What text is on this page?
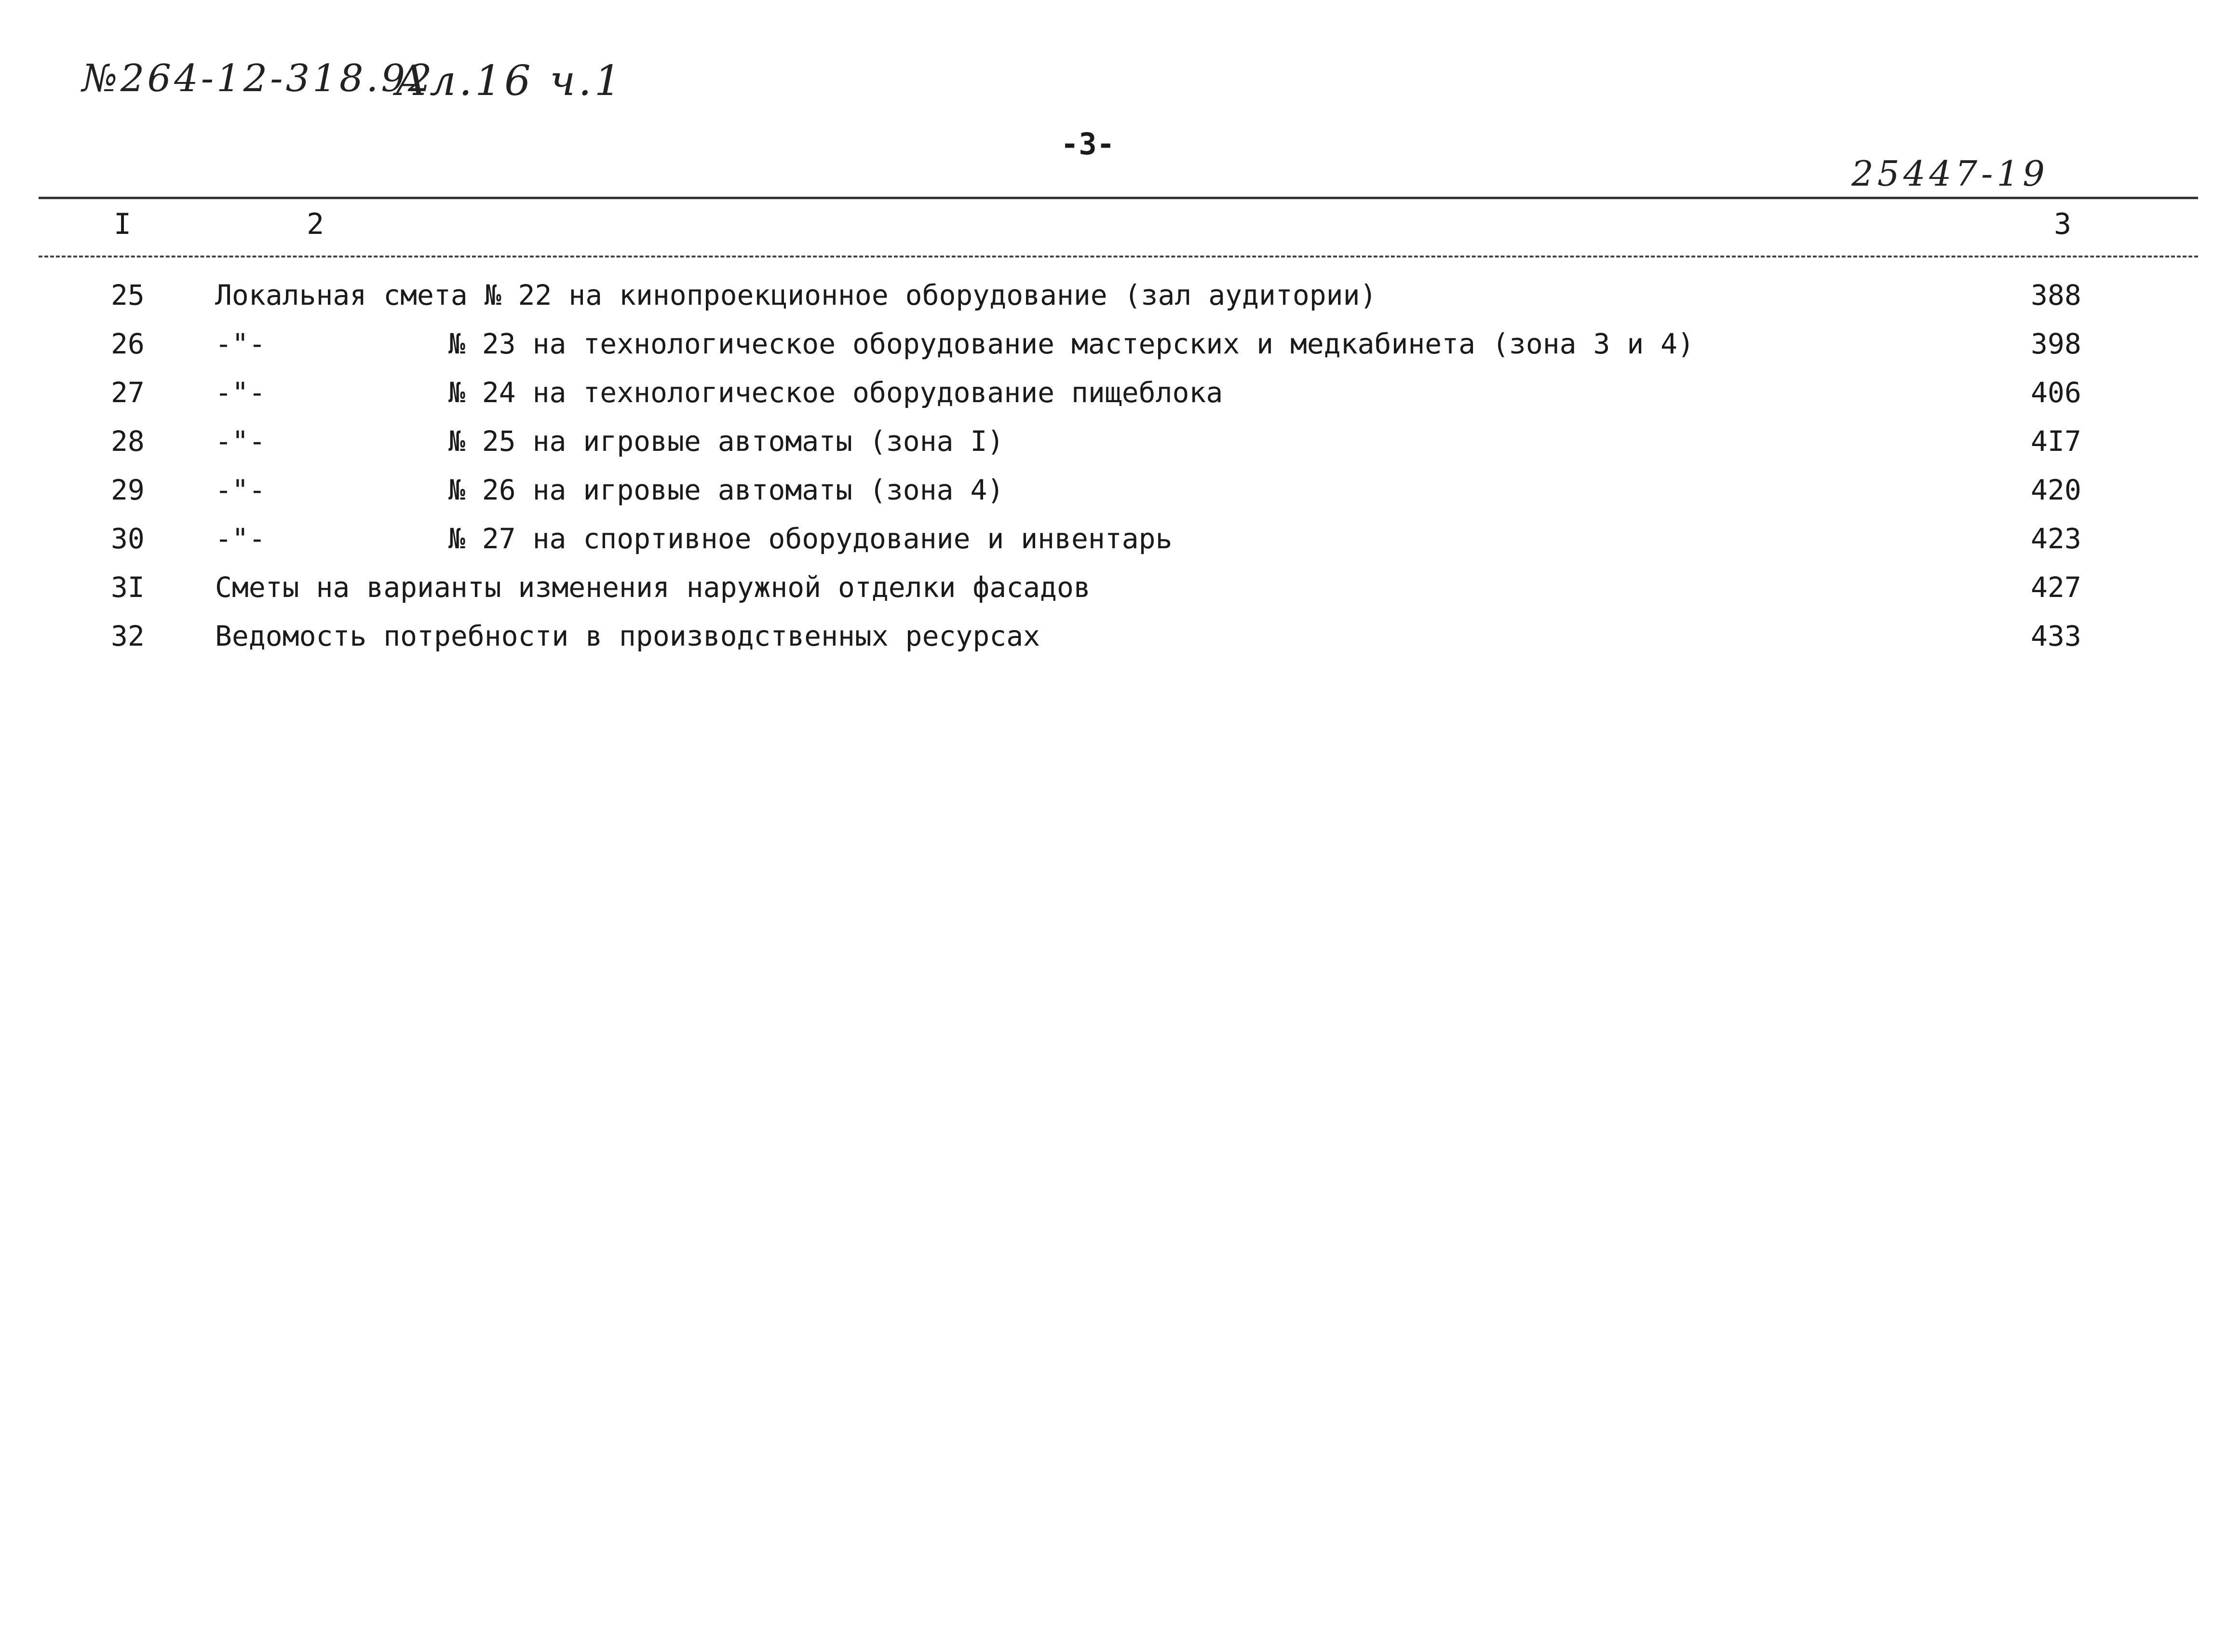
№264-12-318.92
Ал.16 ч.1
-3-
25447-19
I	2	3
25	Локальная смета № 22 на кинопроекционное оборудование (зал аудитории)	388
26	-"-	№ 23 на технологическое оборудование мастерских и медкабинета (зона 3 и 4)	398
27	-"-	№ 24 на технологическое оборудование пищеблока	406
28	-"-	№ 25 на игровые автоматы (зона I)	4I7
29	-"-	№ 26 на игровые автоматы (зона 4)	420
30	-"-	№ 27 на спортивное оборудование и инвентарь	423
3I	Сметы на варианты изменения наружной отделки фасадов	427
32	Ведомость потребности в производственных ресурсах	433
